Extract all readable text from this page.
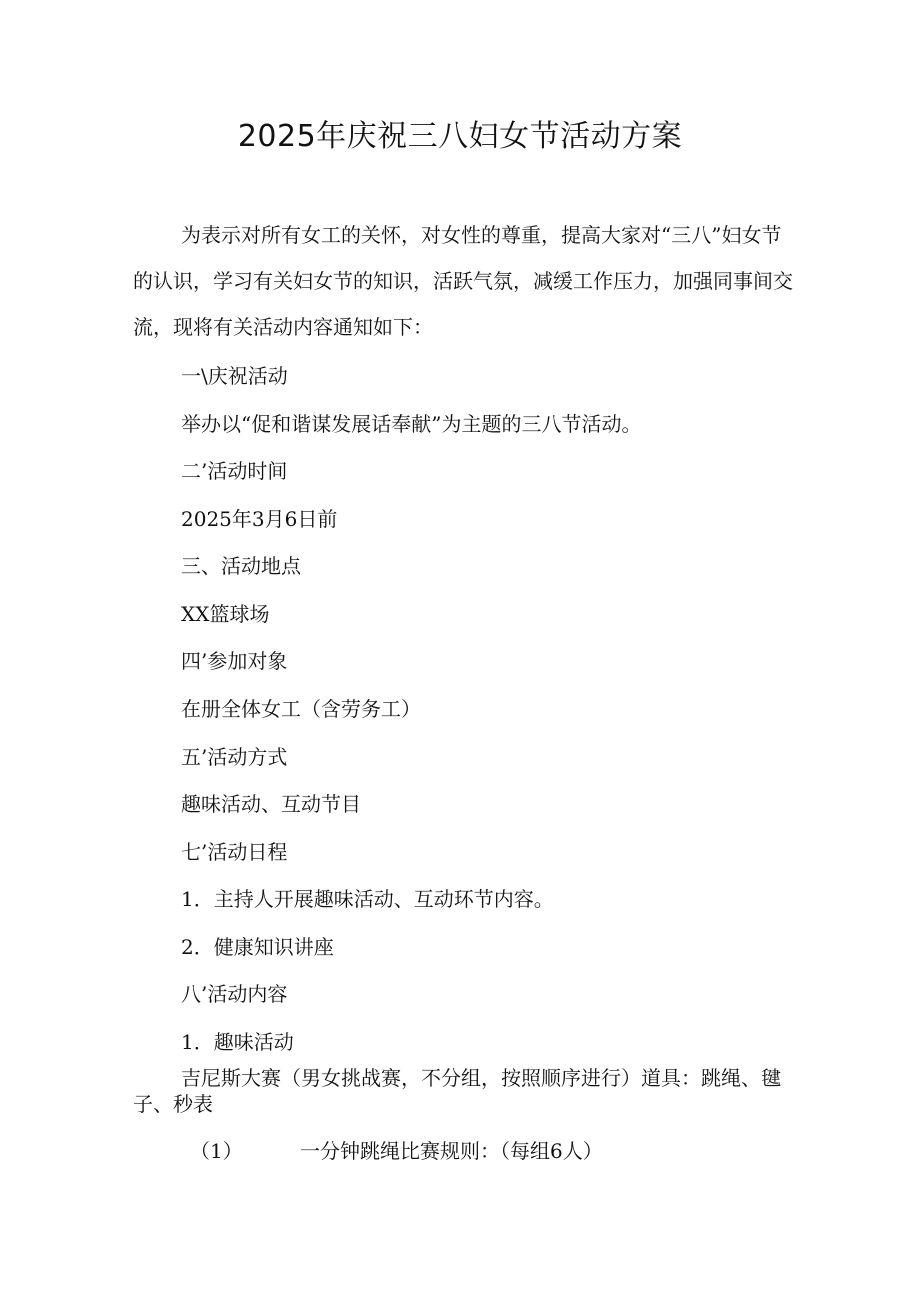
2025年庆祝三八妇女节活动方案

为表示对所有女工的关怀，对女性的尊重，提高大家对“三八”妇女节的认识，学习有关妇女节的知识，活跃气氛，减缓工作压力，加强同事间交流，现将有关活动内容通知如下：

一\庆祝活动

举办以“促和谐谋发展话奉献”为主题的三八节活动。

二’活动时间

2025年3月6日前

三、活动地点

XX篮球场

四’参加对象

在册全体女工（含劳务工）

五’活动方式

趣味活动、互动节目

七’活动日程

1．主持人开展趣味活动、互动环节内容。

2．健康知识讲座

八’活动内容

1．趣味活动

吉尼斯大赛（男女挑战赛，不分组，按照顺序进行）道具：跳绳、毽子、秒表

（1）	一分钟跳绳比赛规则：（每组6人）
